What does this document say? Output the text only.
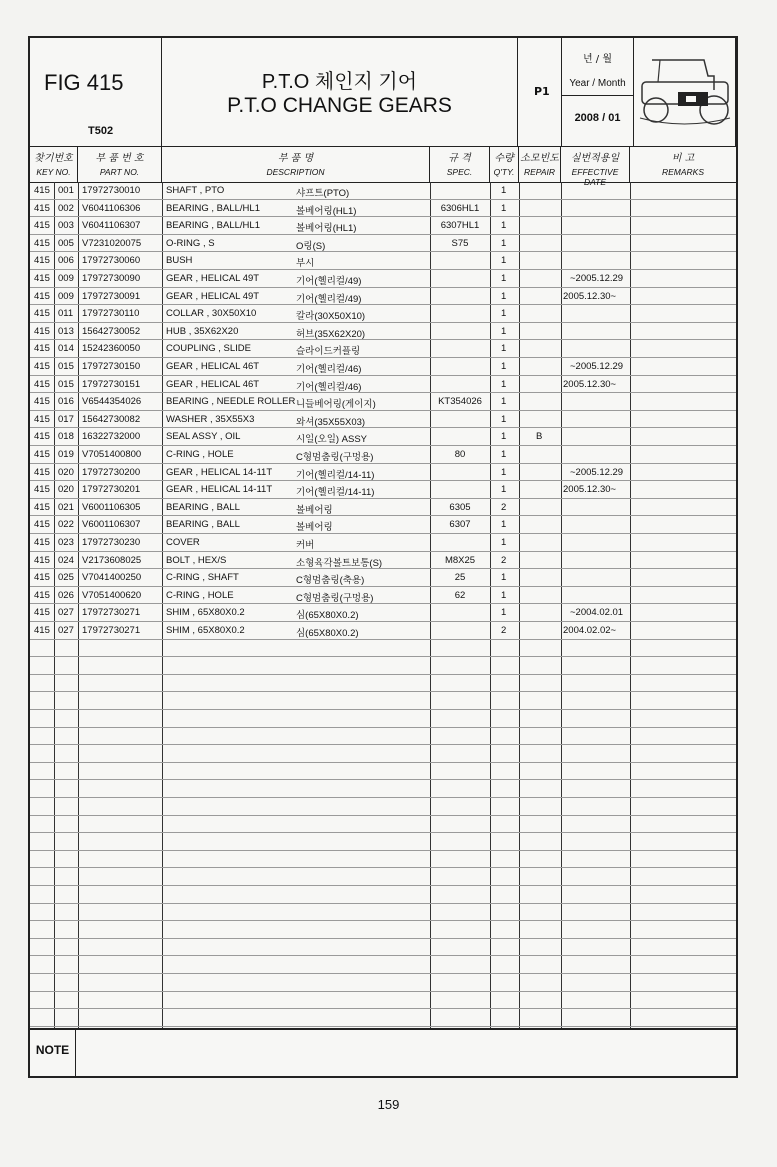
FIG 415
T502
P.T.O 체인지 기어
P.T.O CHANGE GEARS
P1
년 / 월
Year / Month
2008 / 01
찾기번호
KEY NO.
부 품 번 호
PART NO.
부 품 명
DESCRIPTION
규 격
SPEC.
수량
Q'TY.
소모빈도
REPAIR
실번적용일
EFFECTIVE DATE
비 고
REMARKS
415 001 17972730010	SHAFT , PTO	샤프트(PTO)	1
415 002 V6041106306	BEARING , BALL/HL1	볼베어링(HL1)	6306HL1	1
415 003 V6041106307	BEARING , BALL/HL1	볼베어링(HL1)	6307HL1	1
415 005 V7231020075	O-RING , S	O링(S)	S75	1
415 006 17972730060	BUSH	부시	1
415 009 17972730090	GEAR , HELICAL 49T	기어(헬리컬/49)	1	~2005.12.29
415 009 17972730091	GEAR , HELICAL 49T	기어(헬리컬/49)	1	2005.12.30~
415 011 17972730110	COLLAR , 30X50X10	칼라(30X50X10)	1
415 013 15642730052	HUB , 35X62X20	허브(35X62X20)	1
415 014 15242360050	COUPLING , SLIDE	슬라이드커플링	1
415 015 17972730150	GEAR , HELICAL 46T	기어(헬리컬/46)	1	~2005.12.29
415 015 17972730151	GEAR , HELICAL 46T	기어(헬리컬/46)	1	2005.12.30~
415 016 V6544354026	BEARING , NEEDLE ROLLER 니들베어링(게이지)	KT354026	1
415 017 15642730082	WASHER , 35X55X3	와셔(35X55X03)	1
415 018 16322732000	SEAL ASSY , OIL	시일(오일) ASSY	1	B
415 019 V7051400800	C-RING , HOLE	C형멈춤링(구멍용)	80	1
415 020 17972730200	GEAR , HELICAL 14-11T	기어(헬리컬/14-11)	1	~2005.12.29
415 020 17972730201	GEAR , HELICAL 14-11T	기어(헬리컬/14-11)	1	2005.12.30~
415 021 V6001106305	BEARING , BALL	볼베어링	6305	2
415 022 V6001106307	BEARING , BALL	볼베어링	6307	1
415 023 17972730230	COVER	커버	1
415 024 V2173608025	BOLT , HEX/S	소형육각볼트보통(S)	M8X25	2
415 025 V7041400250	C-RING , SHAFT	C형멈춤링(축용)	25	1
415 026 V7051400620	C-RING , HOLE	C형멈춤링(구멍용)	62	1
415 027 17972730271	SHIM , 65X80X0.2	심(65X80X0.2)	1	~2004.02.01
415 027 17972730271	SHIM , 65X80X0.2	심(65X80X0.2)	2	2004.02.02~
NOTE
159
